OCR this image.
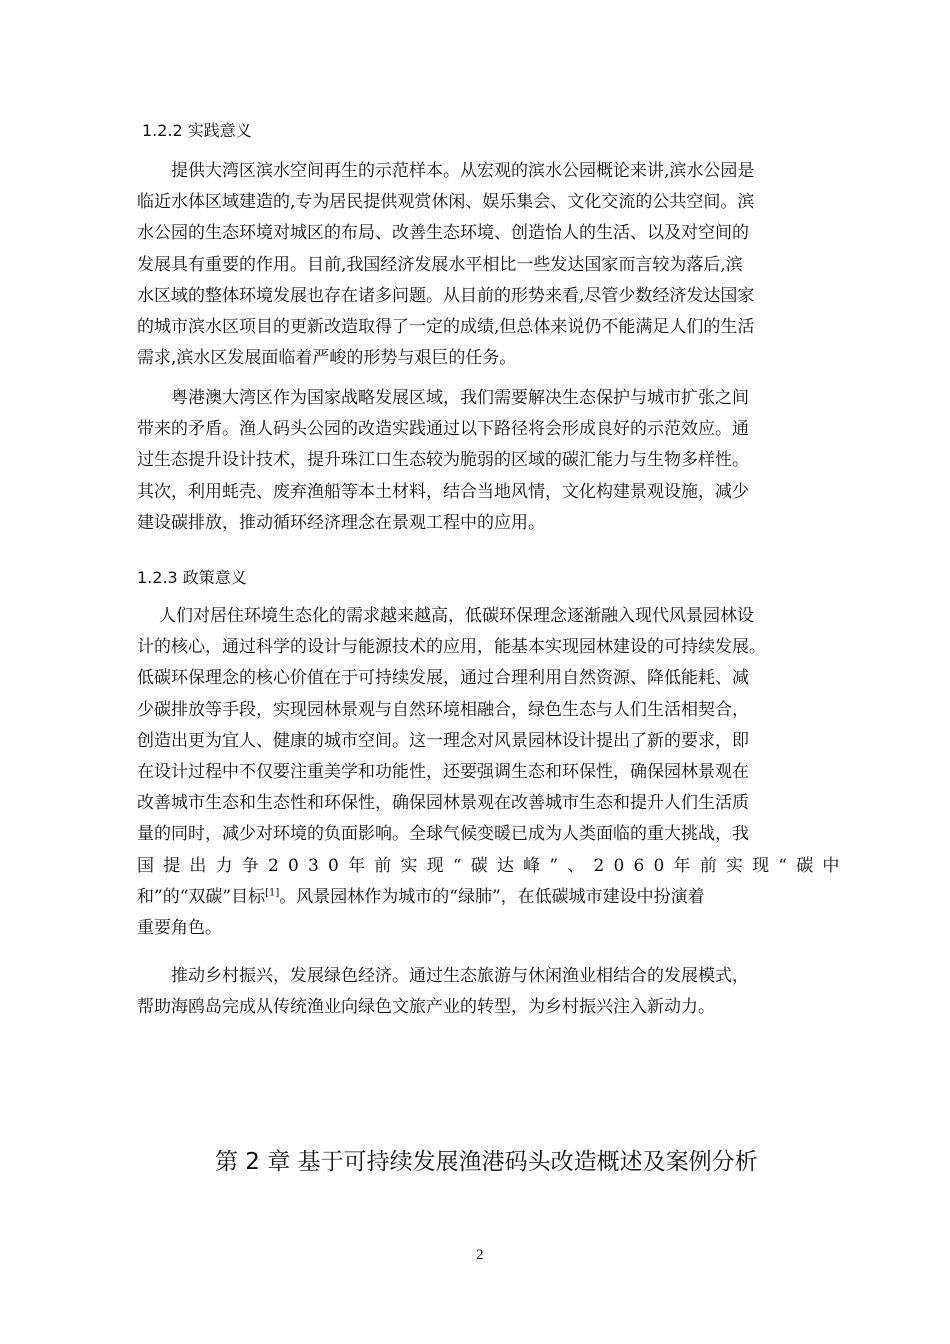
1.2.2 实践意义
提供大湾区滨水空间再生的示范样本。从宏观的滨水公园概论来讲,滨水公园是
临近水体区域建造的,专为居民提供观赏休闲、娱乐集会、文化交流的公共空间。滨
水公园的生态环境对城区的布局、改善生态环境、创造怡人的生活、以及对空间的
发展具有重要的作用。目前,我国经济发展水平相比一些发达国家而言较为落后,滨
水区域的整体环境发展也存在诸多问题。从目前的形势来看,尽管少数经济发达国家
的城市滨水区项目的更新改造取得了一定的成绩,但总体来说仍不能满足人们的生活
需求,滨水区发展面临着严峻的形势与艰巨的任务。
粤港澳大湾区作为国家战略发展区域，我们需要解决生态保护与城市扩张之间
带来的矛盾。渔人码头公园的改造实践通过以下路径将会形成良好的示范效应。通
过生态提升设计技术，提升珠江口生态较为脆弱的区域的碳汇能力与生物多样性。
其次，利用蚝壳、废弃渔船等本土材料，结合当地风情，文化构建景观设施，减少
建设碳排放，推动循环经济理念在景观工程中的应用。
1.2.3 政策意义
人们对居住环境生态化的需求越来越高，低碳环保理念逐渐融入现代风景园林设
计的核心，通过科学的设计与能源技术的应用，能基本实现园林建设的可持续发展。
低碳环保理念的核心价值在于可持续发展，通过合理利用自然资源、降低能耗、减
少碳排放等手段，实现园林景观与自然环境相融合，绿色生态与人们生活相契合，
创造出更为宜人、健康的城市空间。这一理念对风景园林设计提出了新的要求，即
在设计过程中不仅要注重美学和功能性，还要强调生态和环保性，确保园林景观在
改善城市生态和生态性和环保性，确保园林景观在改善城市生态和提升人们生活质
量的同时，减少对环境的负面影响。全球气候变暖已成为人类面临的重大挑战，我
国提出力争2030年前实现“碳达峰”、2060年前实现“碳中
和”的“双碳”目标[1]。风景园林作为城市的“绿肺”，在低碳城市建设中扮演着
重要角色。
推动乡村振兴，发展绿色经济。通过生态旅游与休闲渔业相结合的发展模式，
帮助海鸥岛完成从传统渔业向绿色文旅产业的转型，为乡村振兴注入新动力。
第 2 章 基于可持续发展渔港码头改造概述及案例分析
2
